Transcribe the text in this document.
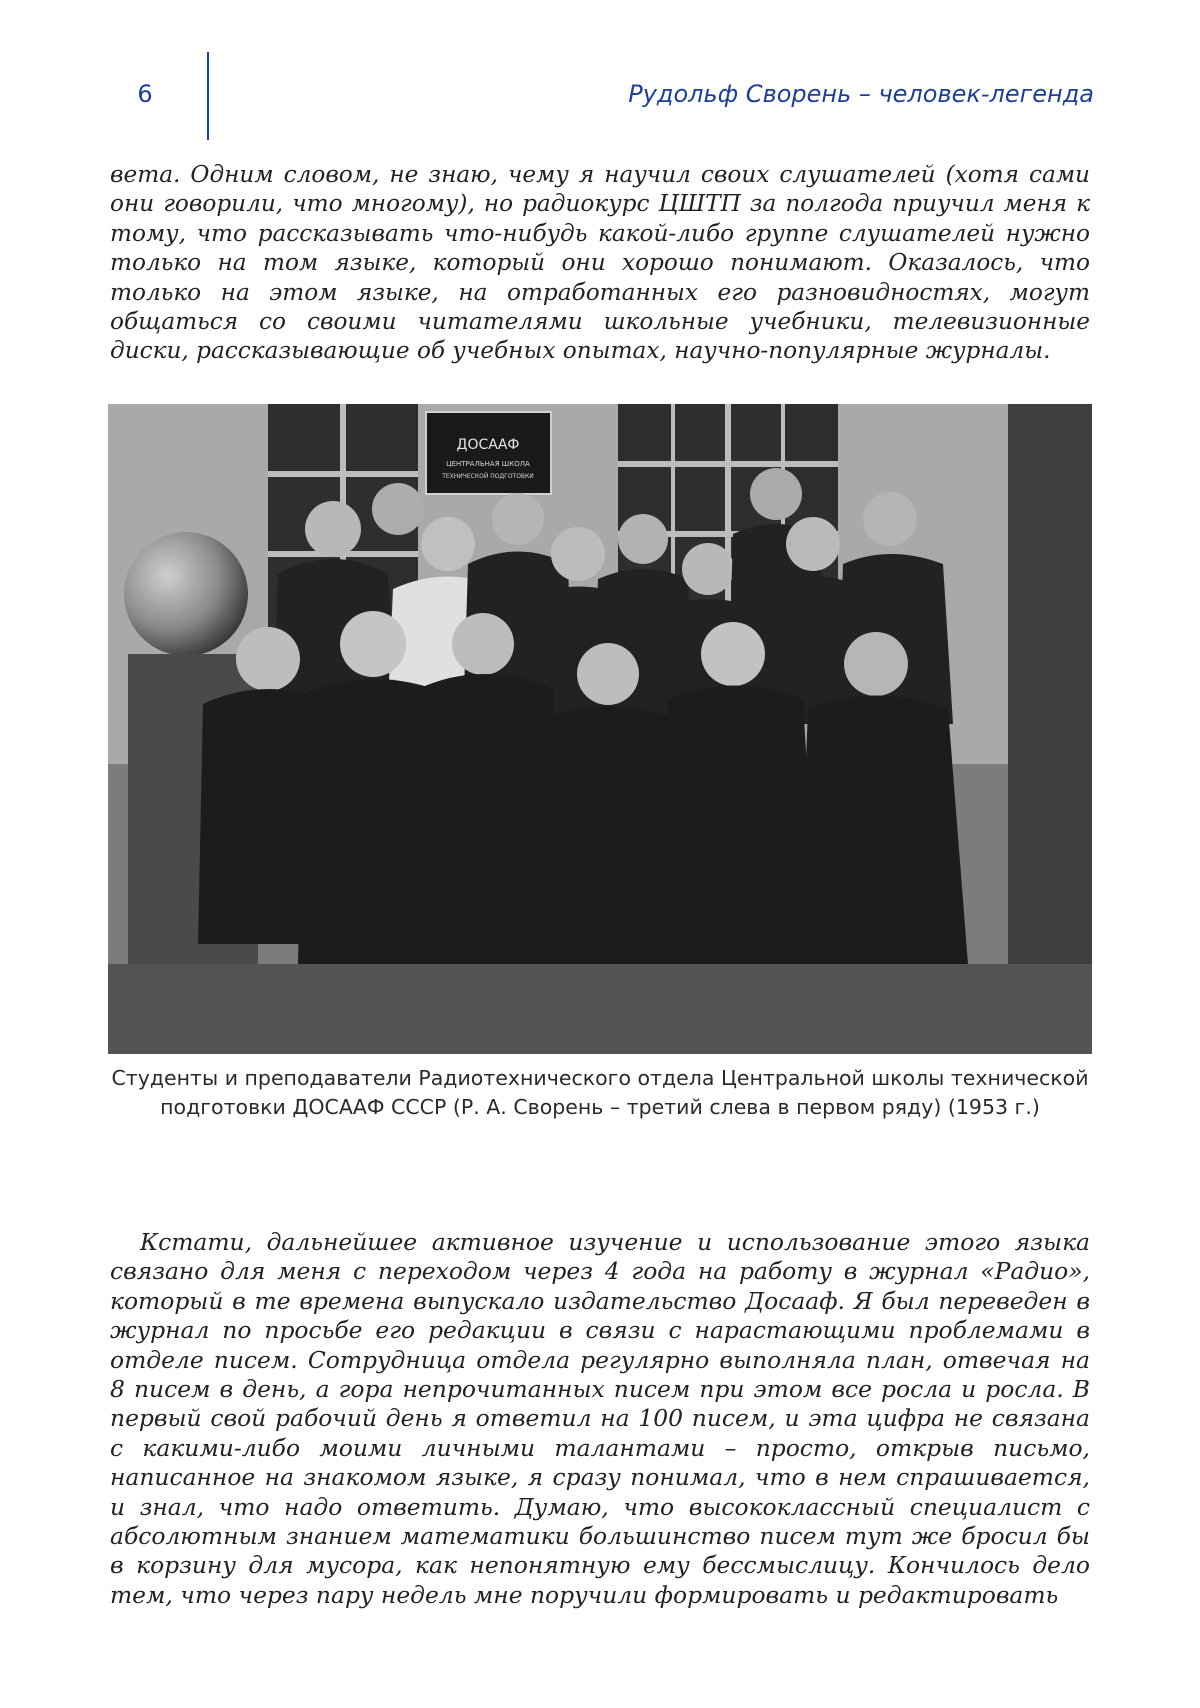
6	Рудольф Сворень – человек-легенда

вета. Одним словом, не знаю, чему я научил своих слушателей (хотя сами они говорили, что многому), но радиокурс ЦШТП за полгода приучил меня к тому, что рассказывать что-нибудь какой-либо группе слушателей нужно только на том языке, который они хорошо понимают. Оказалось, что только на этом языке, на отработанных его разновидностях, могут общаться со своими читателями школьные учебники, телевизионные диски, рассказывающие об учебных опытах, научно-популярные журналы.

ДОСААФ
ЦЕНТРАЛЬНАЯ ШКОЛА
ТЕХНИЧЕСКОЙ ПОДГОТОВКИ

Студенты и преподаватели Радиотехнического отдела Центральной школы технической подготовки ДОСААФ СССР (Р. А. Сворень – третий слева в первом ряду) (1953 г.)

Кстати, дальнейшее активное изучение и использование этого языка связано для меня с переходом через 4 года на работу в журнал «Радио», который в те времена выпускало издательство Досааф. Я был переведен в журнал по просьбе его редакции в связи с нарастающими проблемами в отделе писем. Сотрудница отдела регулярно выполняла план, отвечая на 8 писем в день, а гора непрочитанных писем при этом все росла и росла. В первый свой рабочий день я ответил на 100 писем, и эта цифра не связана с какими-либо моими личными талантами – просто, открыв письмо, написанное на знакомом языке, я сразу понимал, что в нем спрашивается, и знал, что надо ответить. Думаю, что высококлассный специалист с абсолютным знанием математики большинство писем тут же бросил бы в корзину для мусора, как непонятную ему бессмыслицу. Кончилось дело тем, что через пару недель мне поручили формировать и редактировать
